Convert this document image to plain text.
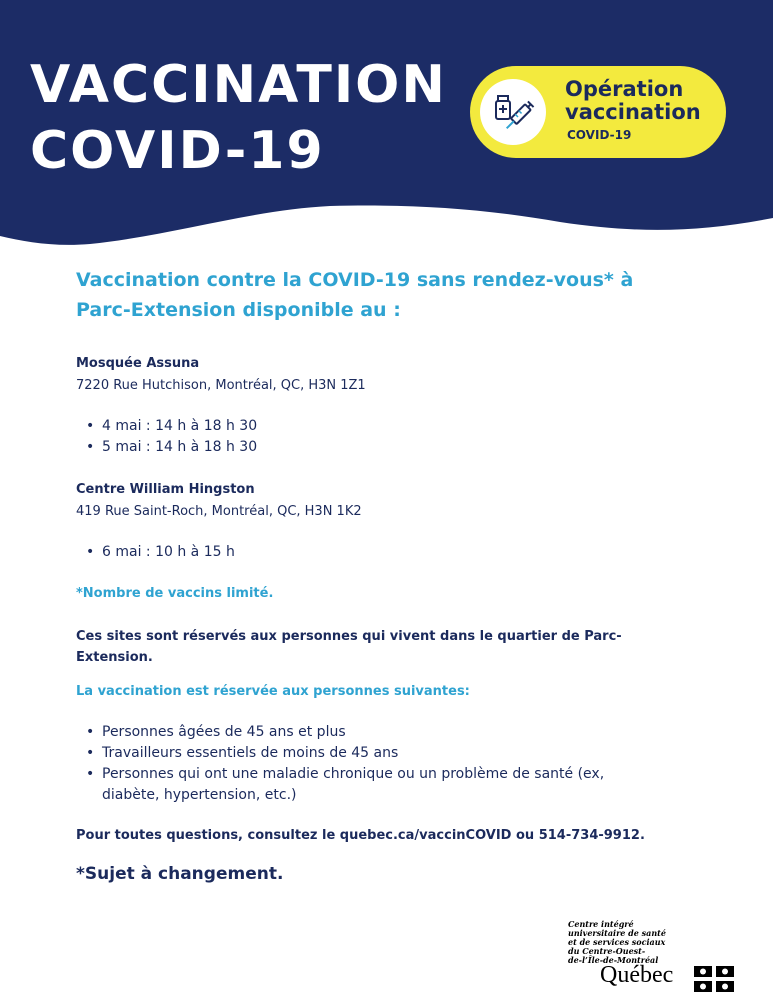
VACCINATION
COVID-19
Opération
vaccination
COVID-19

Vaccination contre la COVID-19 sans rendez-vous* à
Parc-Extension disponible au :

Mosquée Assuna
7220 Rue Hutchison, Montréal, QC, H3N 1Z1
• 4 mai : 14 h à 18 h 30
• 5 mai : 14 h à 18 h 30
Centre William Hingston
419 Rue Saint-Roch, Montréal, QC, H3N 1K2
• 6 mai : 10 h à 15 h
*Nombre de vaccins limité.
Ces sites sont réservés aux personnes qui vivent dans le quartier de Parc-
Extension.
La vaccination est réservée aux personnes suivantes:
• Personnes âgées de 45 ans et plus
• Travailleurs essentiels de moins de 45 ans
• Personnes qui ont une maladie chronique ou un problème de santé (ex,
diabète, hypertension, etc.)
Pour toutes questions, consultez le quebec.ca/vaccinCOVID ou 514-734-9912.
*Sujet à changement.
Centre intégré
universitaire de santé
et de services sociaux
du Centre-Ouest-
de-l’Île-de-Montréal
Québec
